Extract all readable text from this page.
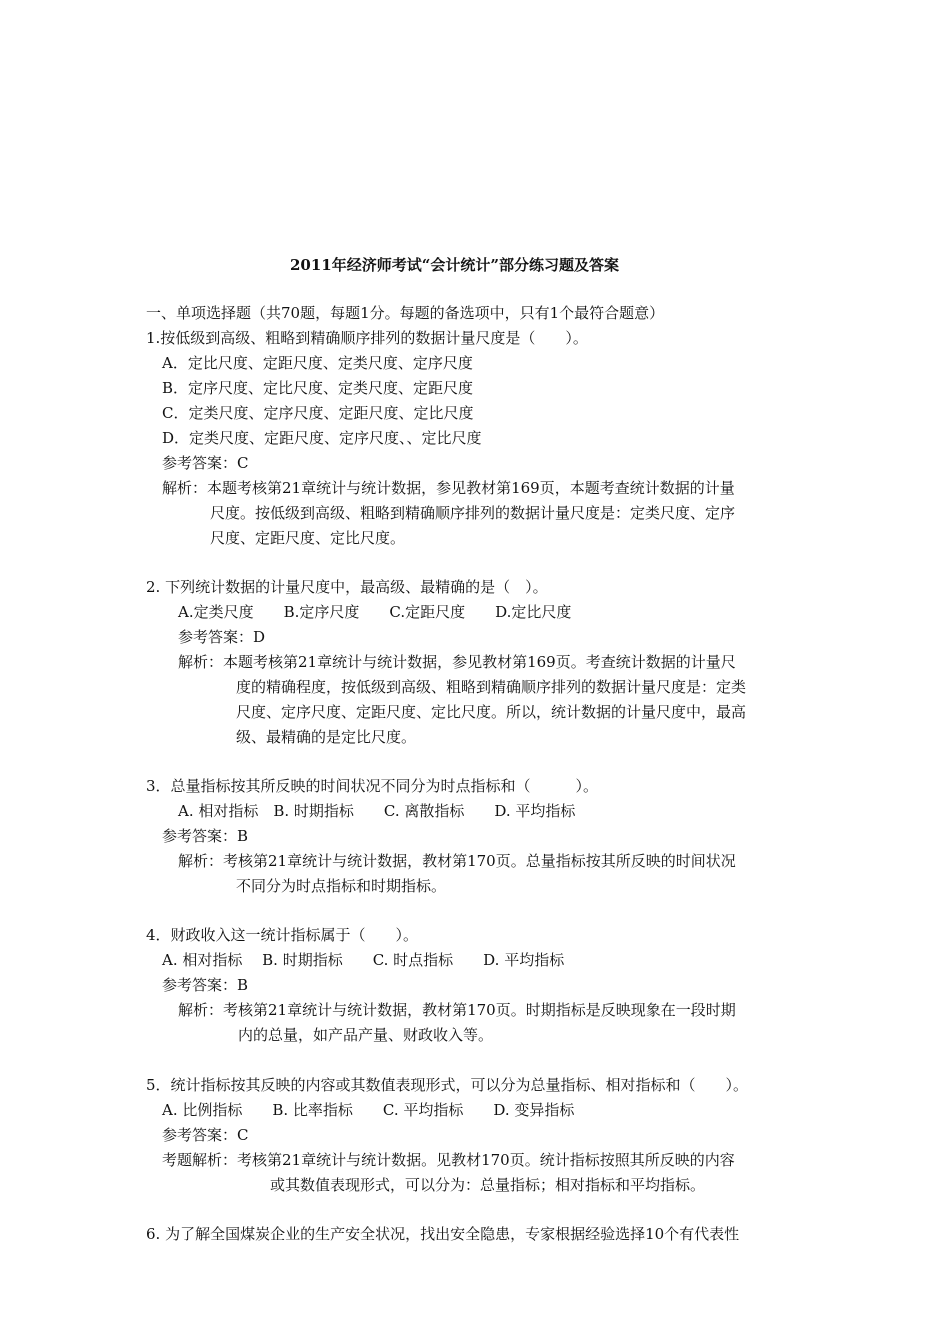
2011年经济师考试“会计统计”部分练习题及答案
一、单项选择题（共70题，每题1分。每题的备选项中，只有1个最符合题意）
1.按低级到高级、粗略到精确顺序排列的数据计量尺度是（　　）。
A．定比尺度、定距尺度、定类尺度、定序尺度
B．定序尺度、定比尺度、定类尺度、定距尺度
C．定类尺度、定序尺度、定距尺度、定比尺度
D．定类尺度、定距尺度、定序尺度、、定比尺度
参考答案：C
解析：本题考核第21章统计与统计数据，参见教材第169页，本题考查统计数据的计量
尺度。按低级到高级、粗略到精确顺序排列的数据计量尺度是：定类尺度、定序
尺度、定距尺度、定比尺度。
2. 下列统计数据的计量尺度中，最高级、最精确的是（　）。
A.定类尺度　　B.定序尺度　　C.定距尺度　　D.定比尺度
参考答案：D
解析：本题考核第21章统计与统计数据，参见教材第169页。考查统计数据的计量尺
度的精确程度，按低级到高级、粗略到精确顺序排列的数据计量尺度是：定类
尺度、定序尺度、定距尺度、定比尺度。所以，统计数据的计量尺度中，最高
级、最精确的是定比尺度。
3．总量指标按其所反映的时间状况不同分为时点指标和（　　　）。
A. 相对指标　B. 时期指标　　C. 离散指标　　D. 平均指标
参考答案：B
解析：考核第21章统计与统计数据，教材第170页。总量指标按其所反映的时间状况
不同分为时点指标和时期指标。
4．财政收入这一统计指标属于（　　）。
A. 相对指标　 B. 时期指标　　C. 时点指标　　D. 平均指标
参考答案：B
解析：考核第21章统计与统计数据，教材第170页。时期指标是反映现象在一段时期
内的总量，如产品产量、财政收入等。
5．统计指标按其反映的内容或其数值表现形式，可以分为总量指标、相对指标和（　　）。
A. 比例指标　　B. 比率指标　　C. 平均指标　　D. 变异指标
参考答案：C
考题解析：考核第21章统计与统计数据。见教材170页。统计指标按照其所反映的内容
或其数值表现形式，可以分为：总量指标；相对指标和平均指标。
6. 为了解全国煤炭企业的生产安全状况，找出安全隐患，专家根据经验选择10个有代表性
